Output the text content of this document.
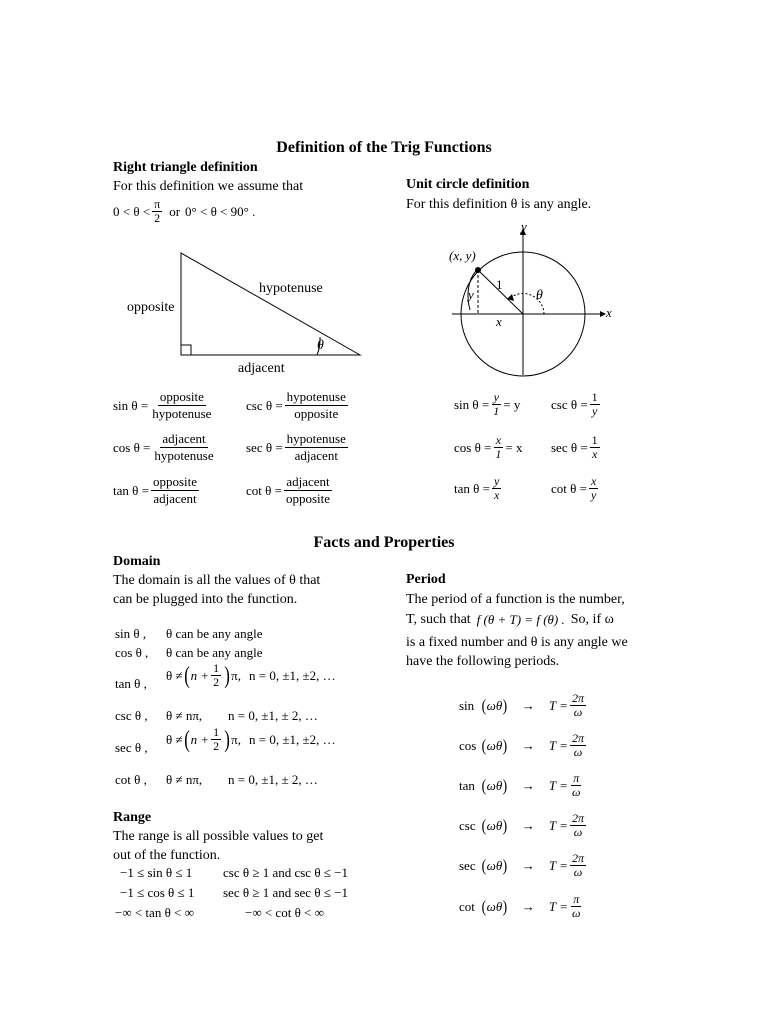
Definition of the Trig Functions
Right triangle definition
For this definition we assume that
$0 < \theta < \frac{\pi}{2}$ or 0° < θ < 90° .
opposite
hypotenuse
adjacent
θ
$\sin \theta = \frac{\text{opposite}}{\text{hypotenuse}}$	$\csc \theta = \frac{\text{hypotenuse}}{\text{opposite}}$
$\cos \theta = \frac{\text{adjacent}}{\text{hypotenuse}}$ $\sec \theta = \frac{\text{hypotenuse}}{\text{adjacent}}$
$\tan \theta = \frac{\text{opposite}}{\text{adjacent}}$	$\cot \theta = \frac{\text{adjacent}}{\text{opposite}}$
Unit circle definition
For this definition θ is any angle.
(x, y)
1
y
x
y
x
θ
$\sin \theta = \frac{y}{1} = y$ $\csc \theta = \frac{1}{y}$
$\cos \theta = \frac{x}{1} = x$ $\sec \theta = \frac{1}{x}$
$\tan \theta = \frac{y}{x}$	$\cot \theta = \frac{x}{y}$
Facts and Properties
Domain
The domain is all the values of θ that
can be plugged into the function.
sin θ , θ can be any angle
cos θ , θ can be any angle
tan θ ,
θ ≠ ( $n + \frac{1}{2}$ ) π, n = 0, ±1, ±2, …
csc θ , θ ≠ nπ, n = 0, ±1, ± 2, …
sec θ ,
θ ≠ ( $n + \frac{1}{2}$ ) π, n = 0, ±1, ±2, …
cot θ , θ ≠ nπ, n = 0, ±1, ± 2, …
Range
The range is all possible values to get
out of the function.
−1 ≤ sin θ ≤ 1 csc θ ≥ 1 and csc θ ≤ −1
−1 ≤ cos θ ≤ 1 sec θ ≥ 1 and sec θ ≤ −1
−∞ < tan θ < ∞	−∞ < cot θ < ∞
Period
The period of a function is the number,
T, such that f (θ + T) = f (θ) . So, if ω
is a fixed number and θ is any angle we
have the following periods.
sin ( ωθ ) → $T = \frac{2\pi}{\omega}$
cos ( ωθ ) → $T = \frac{2\pi}{\omega}$
tan ( ωθ ) → $T = \frac{\pi}{\omega}$
csc ( ωθ ) → $T = \frac{2\pi}{\omega}$
sec ( ωθ ) → $T = \frac{2\pi}{\omega}$
cot ( ωθ ) → $T = \frac{\pi}{\omega}$
